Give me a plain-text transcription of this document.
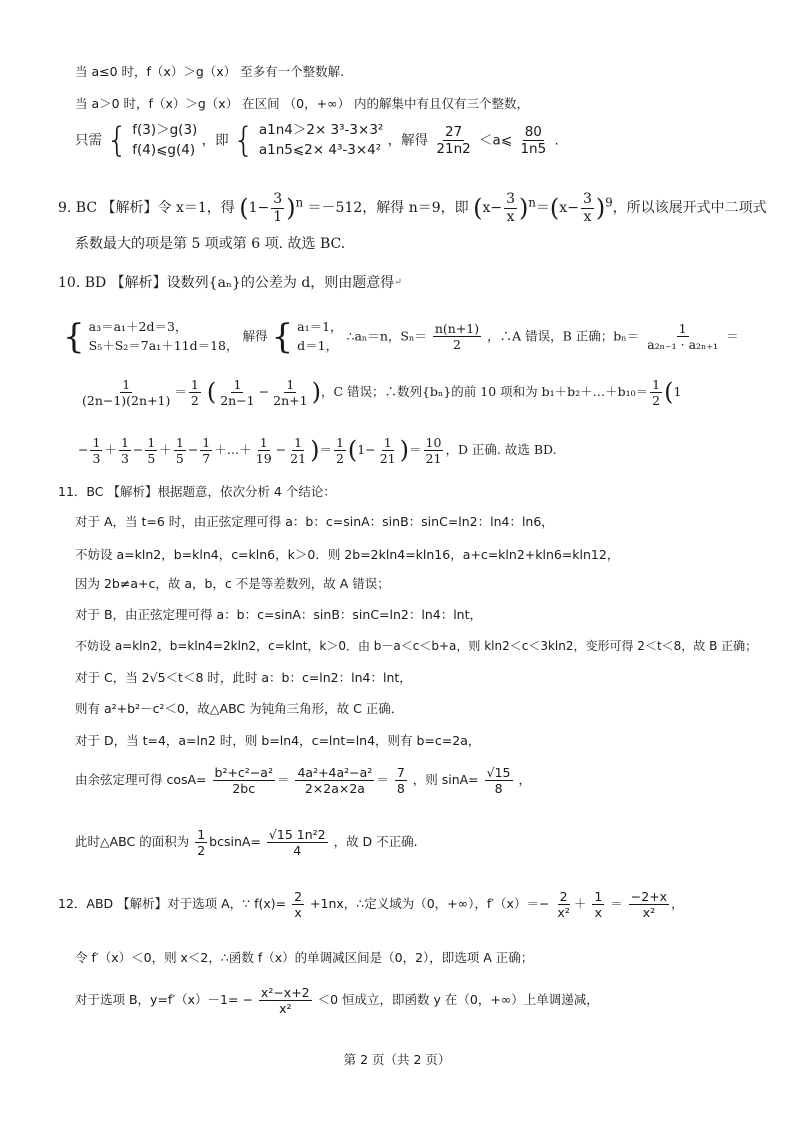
当 a≤0 时，f（x）＞g（x） 至多有一个整数解.
当 a＞0 时，f（x）＞g（x） 在区间 （0，+∞） 内的解集中有且仅有三个整数，
只需 { f(3)＞g(3)
f(4)⩽g(4)
，即 { a1n4＞2× 3³-3×3²
a1n5⩽2× 4³-3×4²
，解得 $\frac{27}{21n2}$ ＜a⩽ $\frac{80}{1n5}$ .
9. BC 【解析】令 x＝1，得 $(1- \frac{3}{1} )^n =-512$，解得 n＝9，即 $(x- \frac{3}{x} )^n=(x- \frac{3}{x} )^9$，所以该展开式中二项式
系数最大的项是第 5 项或第 6 项. 故选 BC.
10. BD 【解析】设数列{aₙ}的公差为 d，则由题意得↵
{ a₃＝a₁＋2d＝3，
S₅＋S₂＝7a₁＋11d＝18，
解得 { a₁＝1，
d＝1，
∴aₙ＝n，$S_n= \frac{n(n+1)}{2}$ ，∴A 错误，B 正确；$b_n= \frac{1}{\text{a₂ₙ₋₁ · a₂ₙ₊₁}}$ ＝
$\frac{1}{(2n-1)(2n+1)} = \frac{1}{2}$ ( $\frac{1}{2n-1} - \frac{1}{2n+1}$ )，C 错误；∴数列{bₙ}的前 10 项和为 b₁＋b₂＋…＋b₁₀＝ $\frac{1}{2} (1$
− $\frac{1}{3} + \frac{1}{3} - \frac{1}{5} + \frac{1}{5} - \frac{1}{7}$ ＋…＋ $\frac{1}{19} - \frac{1}{21}$ )＝ $\frac{1}{2} (1- \frac{1}{21}$ )＝ $\frac{10}{21}$ ，D 正确. 故选 BD.
11．BC 【解析】根据题意，依次分析 4 个结论：
对于 A，当 t=6 时，由正弦定理可得 a：b：c=sinA：sinB：sinC=ln2：ln4：ln6，
不妨设 a=kln2，b=kln4，c=kln6，k＞0．则 2b=2kln4=kln16，a+c=kln2+kln6=kln12，
因为 2b≠a+c，故 a，b，c 不是等差数列，故 A 错误；
对于 B，由正弦定理可得 a：b：c=sinA：sinB：sinC=ln2：ln4：lnt，
不妨设 a=kln2，b=kln4=2kln2，c=klnt，k＞0．由 b－a＜c＜b+a，则 kln2＜c＜3kln2，变形可得 2＜t＜8，故 B 正确；
对于 C，当 2√5＜t＜8 时，此时 a：b：c=ln2：ln4：lnt，
则有 a²+b²－c²＜0，故△ABC 为钝角三角形，故 C 正确．
对于 D，当 t=4，a=ln2 时，则 b=ln4，c=lnt=ln4，则有 b=c=2a，
由余弦定理可得 $\cos A= \frac{\text{b²+c²−a²}}{2bc} = \frac{\text{4a²+4a²−a²}}{2\times 2a\times 2a} = \frac{7}{8}$ ，则 $\sin A= \frac{√15}{8}$ ，
此时△ABC 的面积为 $\frac{1}{2} bcsinA= \frac{\text{√15 1n²2}}{4}$ ，故 D 不正确.
12．ABD 【解析】对于选项 A，∵ $f(x)= \frac{2}{x} +1nx$，∴定义域为（0，+∞），$f'(x)=- \frac{2}{\text{x²}} + \frac{1}{x} = \frac{-2+x}{\text{x²}}$ ，
令 f′（x）＜0，则 x＜2，∴函数 f（x）的单调减区间是（0，2），即选项 A 正确；
对于选项 B，$y=f'(x)-1= - \frac{\text{x²−x+2}}{\text{x²}} <0$ 恒成立，即函数 y 在（0，+∞）上单调递减，
第 2 页（共 2 页）
